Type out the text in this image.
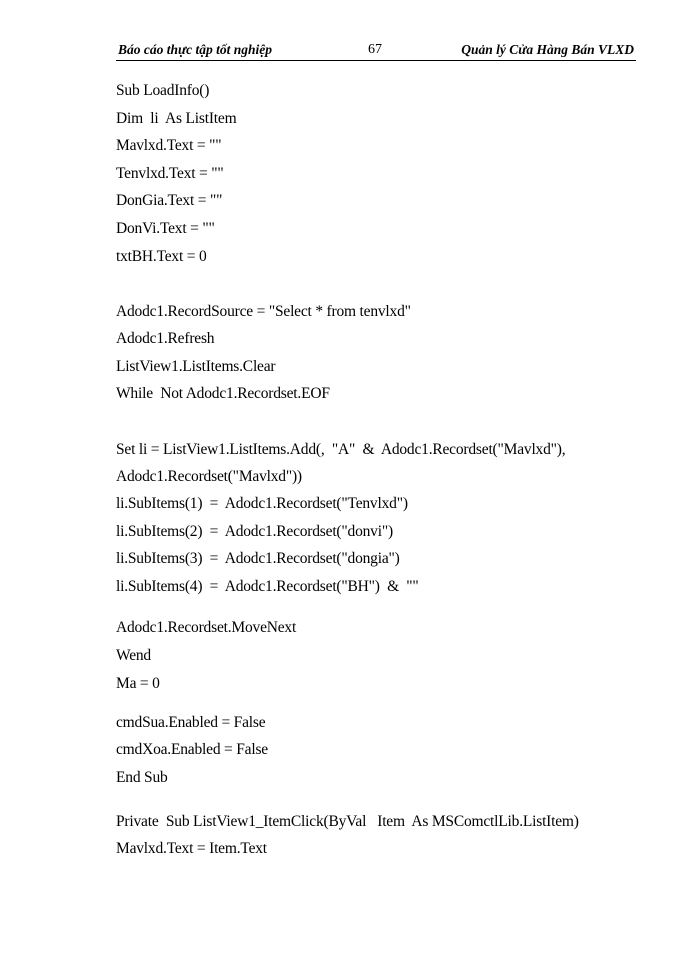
Báo cáo thực tập tốt nghiệp	67	Quản lý Cửa Hàng Bán VLXD
Sub LoadInfo()
Dim  li  As ListItem
Mavlxd.Text = ""
Tenvlxd.Text = ""
DonGia.Text = ""
DonVi.Text = ""
txtBH.Text = 0
Adodc1.RecordSource = "Select * from tenvlxd"
Adodc1.Refresh
ListView1.ListItems.Clear
While  Not Adodc1.Recordset.EOF
Set li = ListView1.ListItems.Add(,  "A"  &  Adodc1.Recordset("Mavlxd"),
Adodc1.Recordset("Mavlxd"))
li.SubItems(1)  =  Adodc1.Recordset("Tenvlxd")
li.SubItems(2)  =  Adodc1.Recordset("donvi")
li.SubItems(3)  =  Adodc1.Recordset("dongia")
li.SubItems(4)  =  Adodc1.Recordset("BH")  &  ""
Adodc1.Recordset.MoveNext
Wend
Ma = 0
cmdSua.Enabled = False
cmdXoa.Enabled = False
End Sub
Private  Sub ListView1_ItemClick(ByVal   Item  As MSComctlLib.ListItem)
Mavlxd.Text = Item.Text
